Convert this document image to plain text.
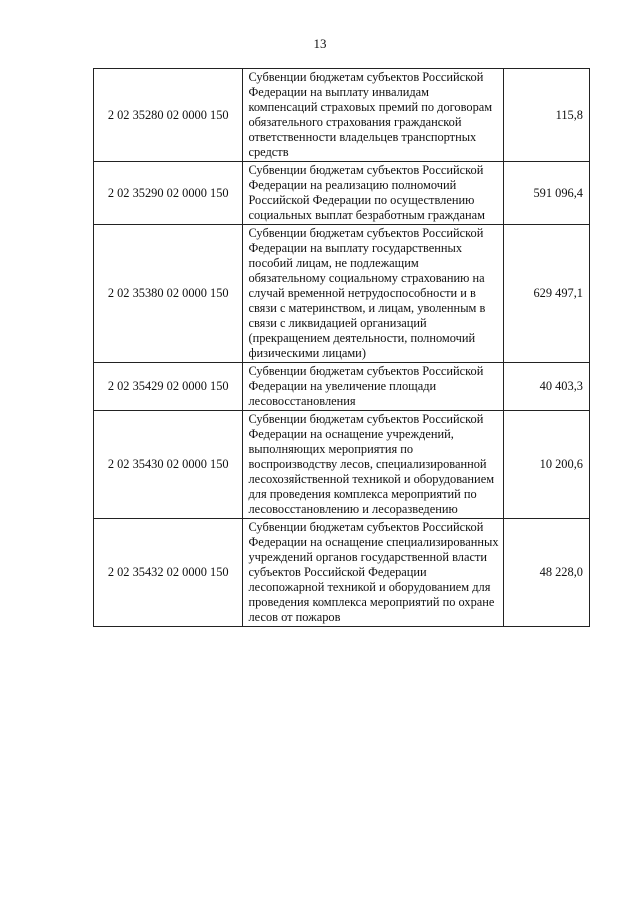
13
2 02 35280 02 0000 150	Субвенции бюджетам субъектов Российской Федерации на выплату инвалидам компенсаций страховых премий по договорам обязательного страхования гражданской ответственности владельцев транспортных средств	115,8
2 02 35290 02 0000 150	Субвенции бюджетам субъектов Российской Федерации на реализацию полномочий Российской Федерации по осуществлению социальных выплат безработным гражданам	591 096,4
2 02 35380 02 0000 150	Субвенции бюджетам субъектов Российской Федерации на выплату государственных пособий лицам, не подлежащим обязательному социальному страхованию на случай временной нетрудоспособности и в связи с материнством, и лицам, уволенным в связи с ликвидацией организаций (прекращением деятельности, полномочий физическими лицами)	629 497,1
2 02 35429 02 0000 150	Субвенции бюджетам субъектов Российской Федерации на увеличение площади лесовосстановления	40 403,3
2 02 35430 02 0000 150	Субвенции бюджетам субъектов Российской Федерации на оснащение учреждений, выполняющих мероприятия по воспроизводству лесов, специализированной лесохозяйственной техникой и оборудованием для проведения комплекса мероприятий по лесовосстановлению и лесоразведению	10 200,6
2 02 35432 02 0000 150	Субвенции бюджетам субъектов Российской Федерации на оснащение специализированных учреждений органов государственной власти субъектов Российской Федерации лесопожарной техникой и оборудованием для проведения комплекса мероприятий по охране лесов от пожаров	48 228,0
